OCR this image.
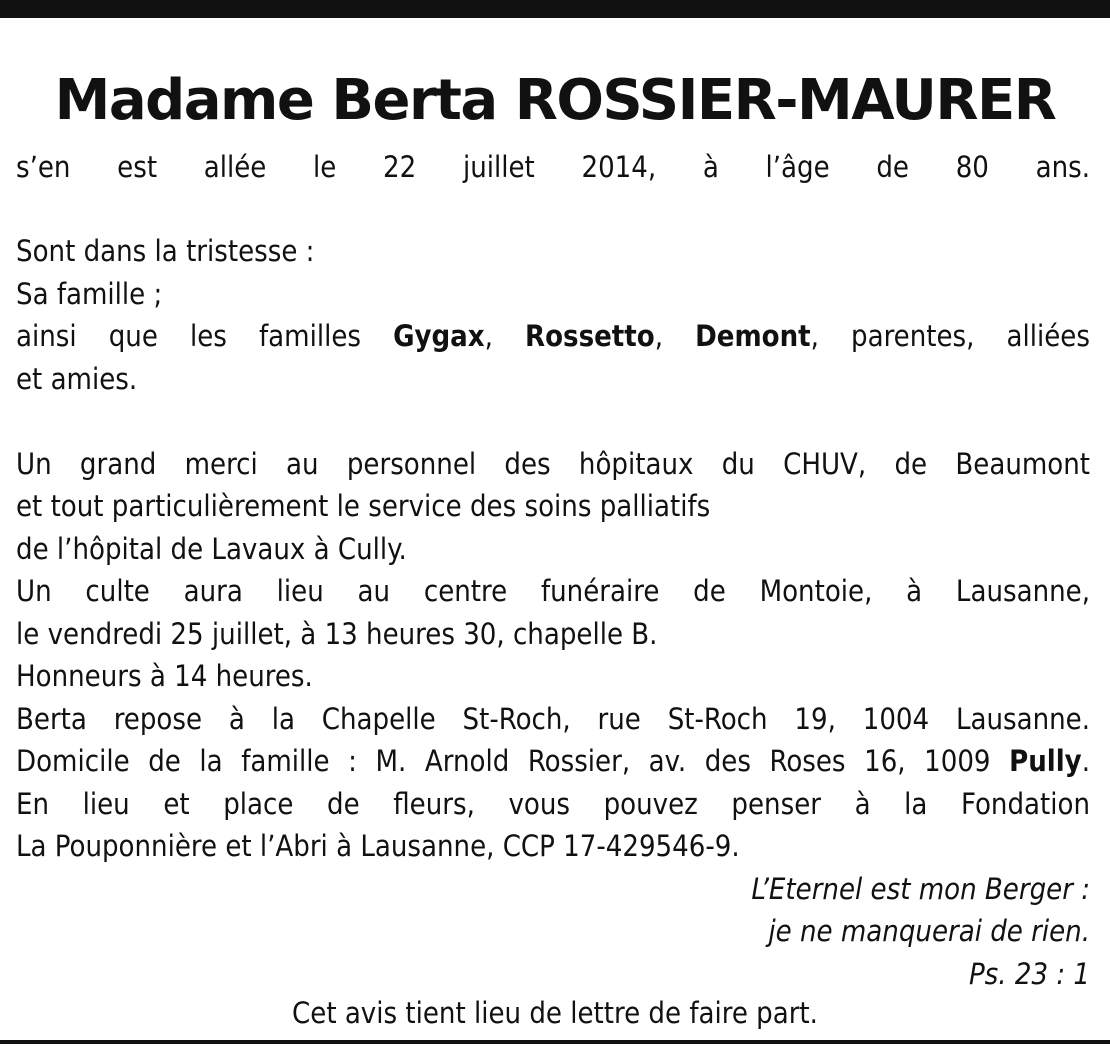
Madame Berta ROSSIER-MAURER
s’en est allée le 22 juillet 2014, à l’âge de 80 ans.
Sont dans la tristesse :
Sa famille ;
ainsi que les familles Gygax, Rossetto, Demont, parentes, alliées
et amies.
Un grand merci au personnel des hôpitaux du CHUV, de Beaumont
et tout particulièrement le service des soins palliatifs
de l’hôpital de Lavaux à Cully.
Un culte aura lieu au centre funéraire de Montoie, à Lausanne,
le vendredi 25 juillet, à 13 heures 30, chapelle B.
Honneurs à 14 heures.
Berta repose à la Chapelle St-Roch, rue St-Roch 19, 1004 Lausanne.
Domicile de la famille : M. Arnold Rossier, av. des Roses 16, 1009 Pully.
En lieu et place de fleurs, vous pouvez penser à la Fondation
La Pouponnière et l’Abri à Lausanne, CCP 17-429546-9.
L’Eternel est mon Berger :
je ne manquerai de rien.
Ps. 23 : 1
Cet avis tient lieu de lettre de faire part.
